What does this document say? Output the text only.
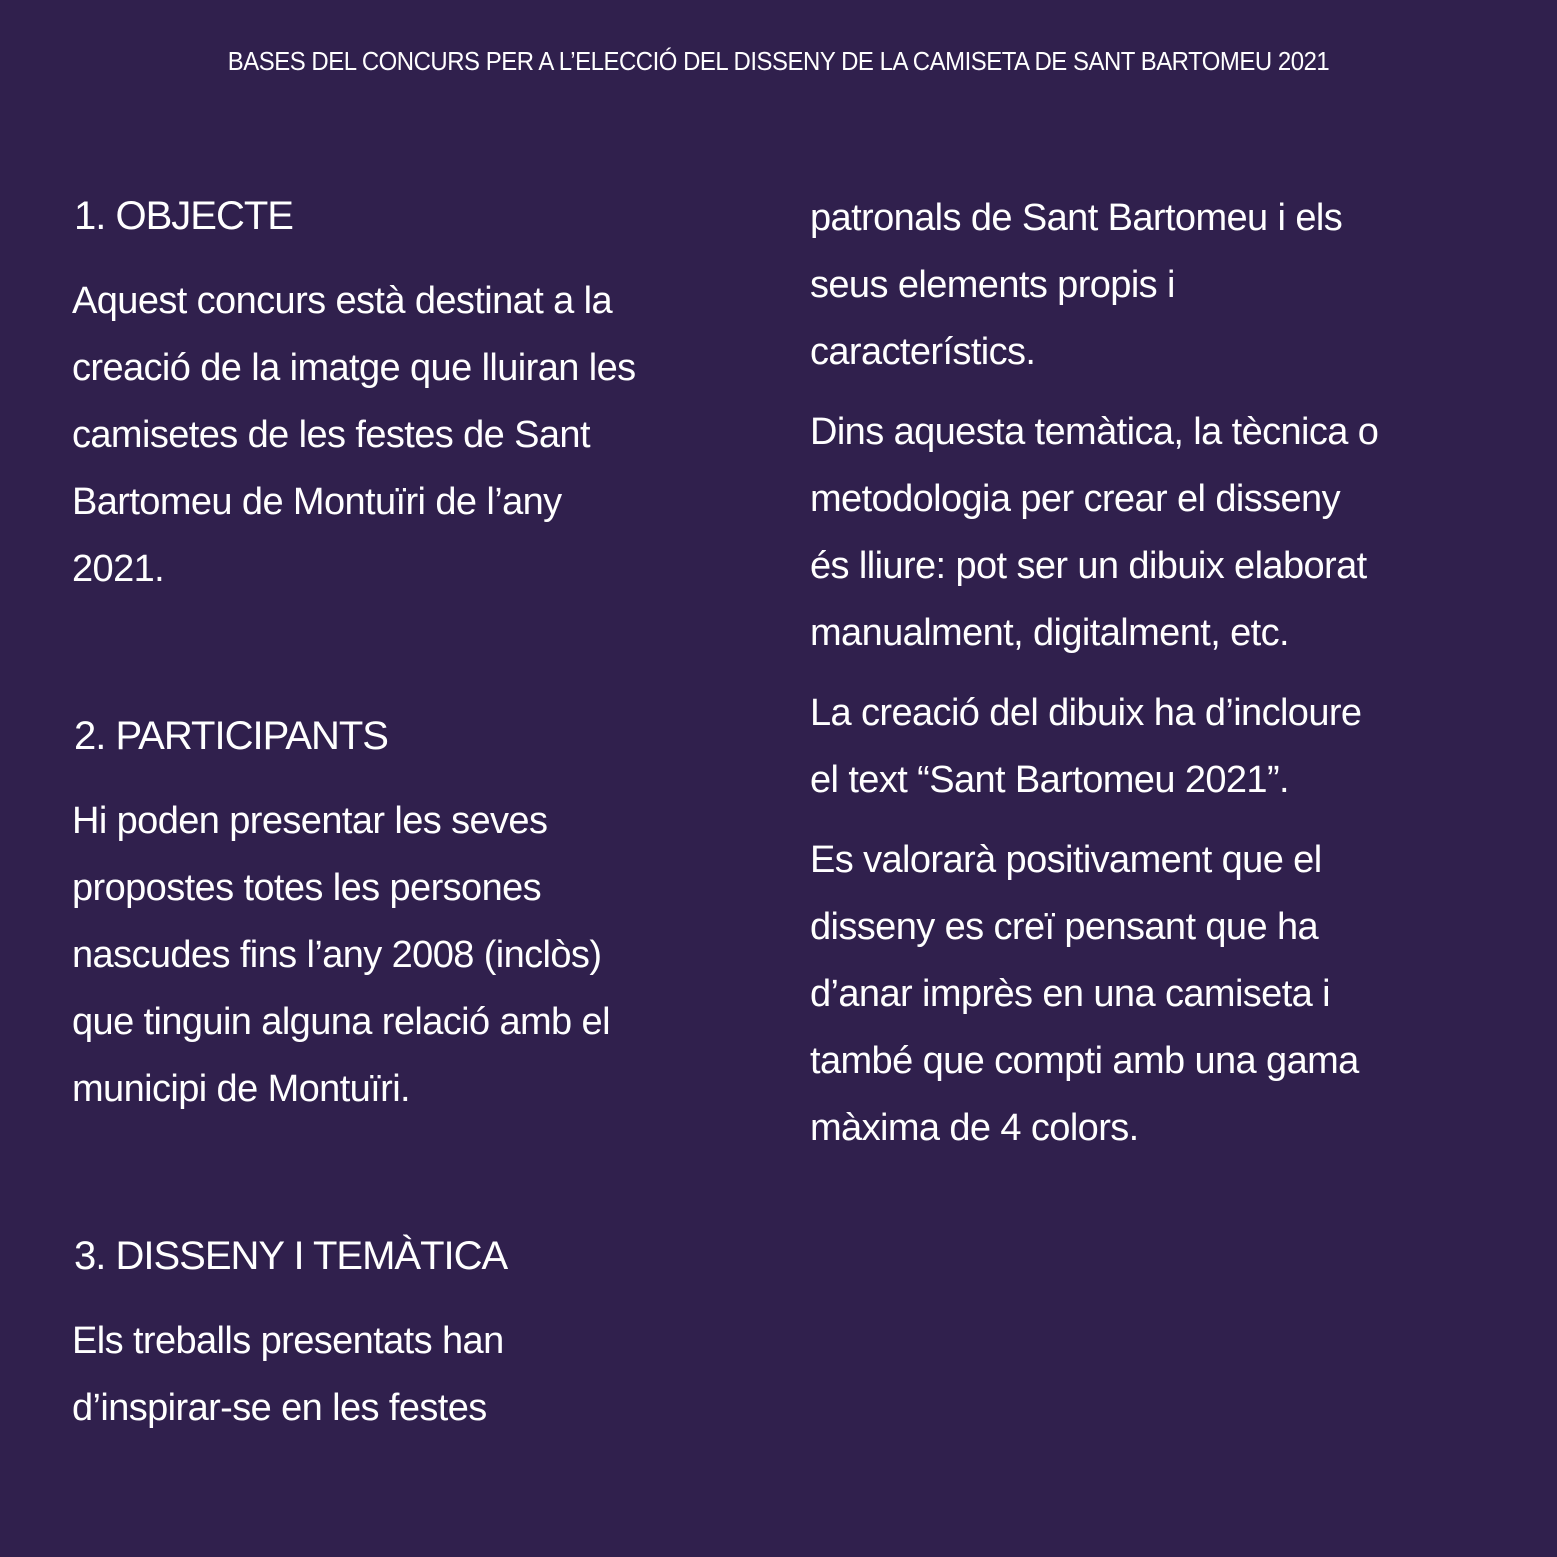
BASES DEL CONCURS PER A L’ELECCIÓ DEL DISSENY DE LA CAMISETA DE SANT BARTOMEU 2021
1. OBJECTE

Aquest concurs està destinat a la
creació de la imatge que lluiran les
camisetes de les festes de Sant
Bartomeu de Montuïri de l’any
2021.

2. PARTICIPANTS

Hi poden presentar les seves
propostes totes les persones
nascudes fins l’any 2008 (inclòs)
que tinguin alguna relació amb el
municipi de Montuïri.

3. DISSENY I TEMÀTICA

Els treballs presentats han
d’inspirar-se en les festes

patronals de Sant Bartomeu i els
seus elements propis i
característics.

Dins aquesta temàtica, la tècnica o
metodologia per crear el disseny
és lliure: pot ser un dibuix elaborat
manualment, digitalment, etc.

La creació del dibuix ha d’incloure
el text “Sant Bartomeu 2021”.

Es valorarà positivament que el
disseny es creï pensant que ha
d’anar imprès en una camiseta i
també que compti amb una gama
màxima de 4 colors.
